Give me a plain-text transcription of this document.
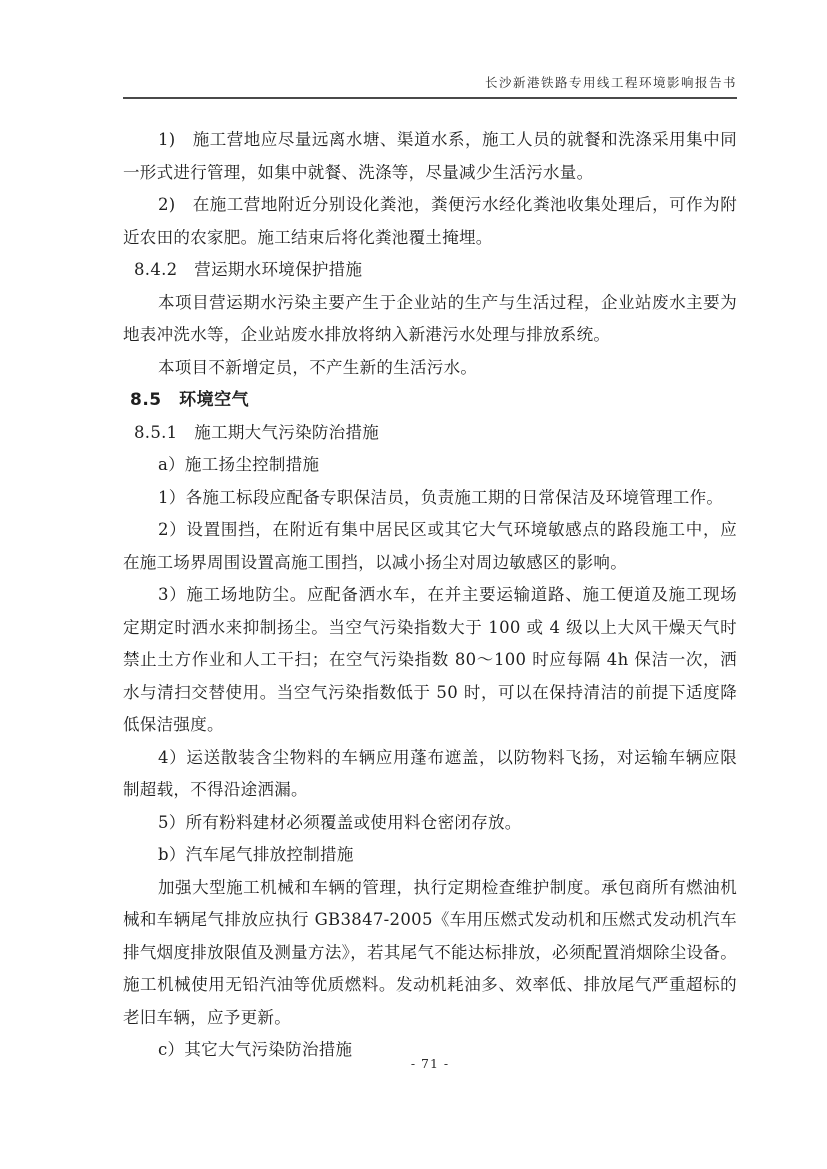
长沙新港铁路专用线工程环境影响报告书

1)　施工营地应尽量远离水塘、渠道水系，施工人员的就餐和洗涤采用集中同一形式进行管理，如集中就餐、洗涤等，尽量减少生活污水量。

2)　在施工营地附近分别设化粪池，粪便污水经化粪池收集处理后，可作为附近农田的农家肥。施工结束后将化粪池覆土掩埋。

8.4.2　营运期水环境保护措施

本项目营运期水污染主要产生于企业站的生产与生活过程，企业站废水主要为地表冲洗水等，企业站废水排放将纳入新港污水处理与排放系统。

本项目不新增定员，不产生新的生活污水。

8.5　环境空气
8.5.1　施工期大气污染防治措施

a）施工扬尘控制措施

1）各施工标段应配备专职保洁员，负责施工期的日常保洁及环境管理工作。

2）设置围挡，在附近有集中居民区或其它大气环境敏感点的路段施工中，应在施工场界周围设置高施工围挡，以减小扬尘对周边敏感区的影响。

3）施工场地防尘。应配备洒水车，在并主要运输道路、施工便道及施工现场定期定时洒水来抑制扬尘。当空气污染指数大于 100 或 4 级以上大风干燥天气时禁止土方作业和人工干扫；在空气污染指数 80～100 时应每隔 4h 保洁一次，洒水与清扫交替使用。当空气污染指数低于 50 时，可以在保持清洁的前提下适度降低保洁强度。

4）运送散装含尘物料的车辆应用蓬布遮盖，以防物料飞扬，对运输车辆应限制超载，不得沿途洒漏。

5）所有粉料建材必须覆盖或使用料仓密闭存放。

b）汽车尾气排放控制措施

加强大型施工机械和车辆的管理，执行定期检查维护制度。承包商所有燃油机械和车辆尾气排放应执行 GB3847-2005《车用压燃式发动机和压燃式发动机汽车排气烟度排放限值及测量方法》，若其尾气不能达标排放，必须配置消烟除尘设备。施工机械使用无铅汽油等优质燃料。发动机耗油多、效率低、排放尾气严重超标的老旧车辆，应予更新。

c）其它大气污染防治措施

- 71 -
